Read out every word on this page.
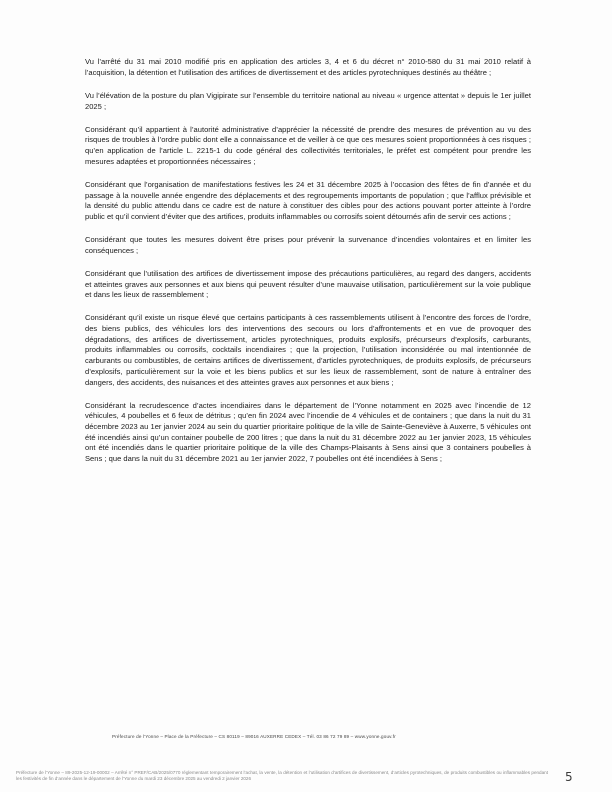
Vu l’arrêté du 31 mai 2010 modifié pris en application des articles 3, 4 et 6 du décret n° 2010-580 du 31 mai 2010 relatif à l’acquisition, la détention et l’utilisation des artifices de divertissement et des articles pyrotechniques destinés au théâtre ;

Vu l’élévation de la posture du plan Vigipirate sur l’ensemble du territoire national au niveau « urgence attentat » depuis le 1er juillet 2025 ;

Considérant qu’il appartient à l’autorité administrative d’apprécier la nécessité de prendre des mesures de prévention au vu des risques de troubles à l’ordre public dont elle a connaissance et de veiller à ce que ces mesures soient proportionnées à ces risques ; qu’en application de l’article L. 2215-1 du code général des collectivités territoriales, le préfet est compétent pour prendre les mesures adaptées et proportionnées nécessaires ;

Considérant que l’organisation de manifestations festives les 24 et 31 décembre 2025 à l’occasion des fêtes de fin d’année et du passage à la nouvelle année engendre des déplacements et des regroupements importants de population ; que l’afflux prévisible et la densité du public attendu dans ce cadre est de nature à constituer des cibles pour des actions pouvant porter atteinte à l’ordre public et qu’il convient d’éviter que des artifices, produits inflammables ou corrosifs soient détournés afin de servir ces actions ;

Considérant que toutes les mesures doivent être prises pour prévenir la survenance d’incendies volontaires et en limiter les conséquences ;

Considérant que l’utilisation des artifices de divertissement impose des précautions particulières, au regard des dangers, accidents et atteintes graves aux personnes et aux biens qui peuvent résulter d’une mauvaise utilisation, particulièrement sur la voie publique et dans les lieux de rassemblement ;

Considérant qu’il existe un risque élevé que certains participants à ces rassemblements utilisent à l’encontre des forces de l’ordre, des biens publics, des véhicules lors des interventions des secours ou lors d’affrontements et en vue de provoquer des dégradations, des artifices de divertissement, articles pyrotechniques, produits explosifs, précurseurs d’explosifs, carburants, produits inflammables ou corrosifs, cocktails incendiaires ; que la projection, l’utilisation inconsidérée ou mal intentionnée de carburants ou combustibles, de certains artifices de divertissement, d’articles pyrotechniques, de produits explosifs, de précurseurs d’explosifs, particulièrement sur la voie et les biens publics et sur les lieux de rassemblement, sont de nature à entraîner des dangers, des accidents, des nuisances et des atteintes graves aux personnes et aux biens ;

Considérant la recrudescence d’actes incendiaires dans le département de l’Yonne notamment en 2025 avec l’incendie de 12 véhicules, 4 poubelles et 6 feux de détritus ; qu’en fin 2024 avec l’incendie de 4 véhicules et de containers ; que dans la nuit du 31 décembre 2023 au 1er janvier 2024 au sein du quartier prioritaire politique de la ville de Sainte-Geneviève à Auxerre, 5 véhicules ont été incendiés ainsi qu’un container poubelle de 200 litres ; que dans la nuit du 31 décembre 2022 au 1er janvier 2023, 15 véhicules ont été incendiés dans le quartier prioritaire politique de la ville des Champs-Plaisants à Sens ainsi que 3 containers poubelles à Sens ; que dans la nuit du 31 décembre 2021 au 1er janvier 2022, 7 poubelles ont été incendiées à Sens ;

Préfecture de l’Yonne – Place de la Préfecture – CS 80119 – 89016 AUXERRE CEDEX – Tél. 03 86 72 79 89 – www.yonne.gouv.fr
Préfecture de l’Yonne – 89-2025-12-19-00002 – Arrêté n° PREF/CAB/2025/0770 réglementant temporairement l’achat, la vente, la détention et l’utilisation d’artifices de divertissement, d’articles pyrotechniques, de produits combustibles ou inflammables pendant les festivités de fin d’année dans le département de l’Yonne du mardi 23 décembre 2025 au vendredi 2 janvier 2026	5
